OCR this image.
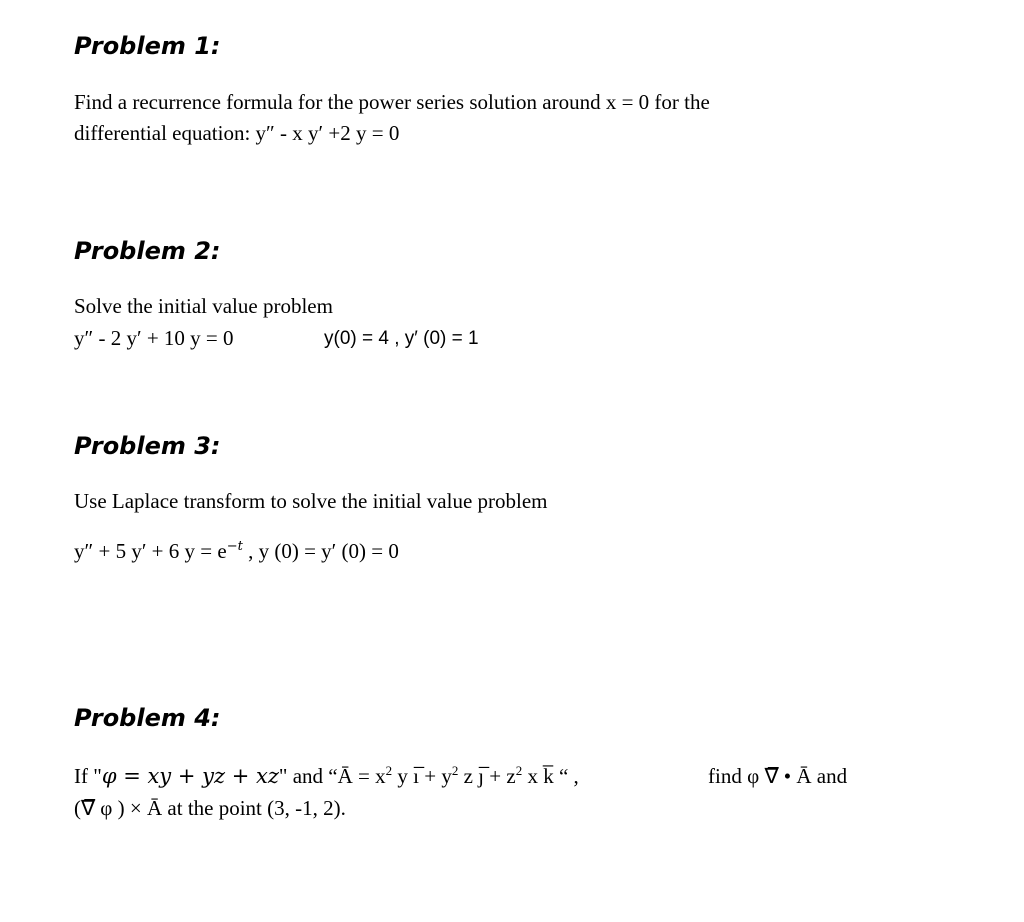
Problem 1:
Find a recurrence formula for the power series solution around x = 0 for the
differential equation: y″ - x y′ +2 y = 0
Problem 2:
Solve the initial value problem
y″ - 2 y′ + 10 y = 0	y(0) = 4 , y′ (0) = 1
Problem 3:
Use Laplace transform to solve the initial value problem
y″ + 5 y′ + 6 $y = e^{-t}$ , y (0) = y′ (0) = 0
Problem 4:
If "φ = xy + yz + xz" and “Ā = $x^2$ y ı̅ + $y^2$ z ȷ̅ + $z^2$ x k̅ “ ,	find φ ∇̅ • Ā and
(∇̅ φ ) × Ā at the point (3, -1, 2).
